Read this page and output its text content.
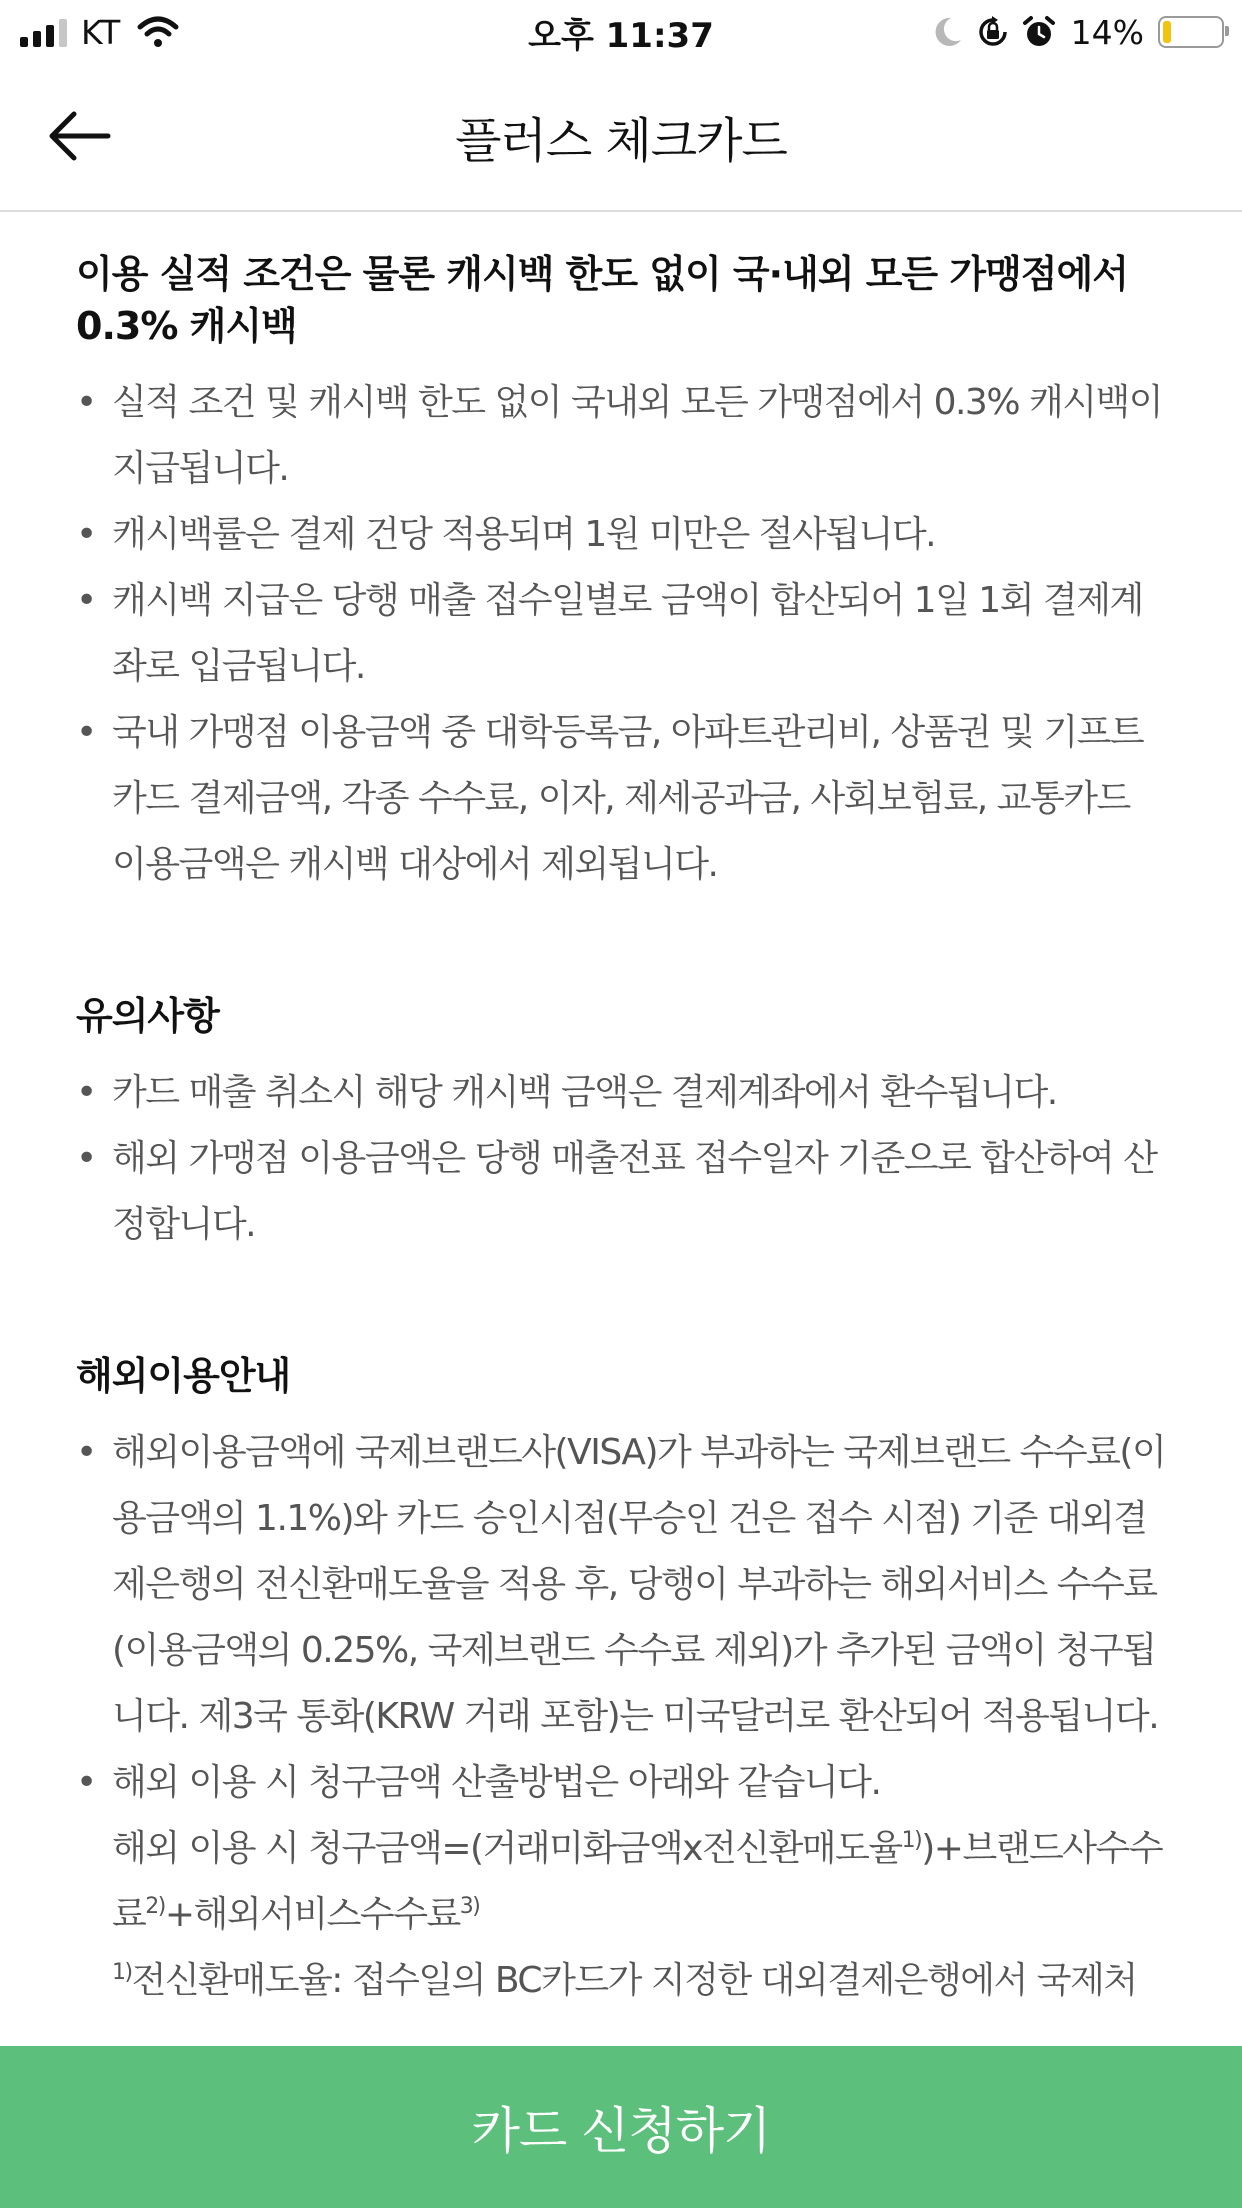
KT	오후 11:37	14%
플러스 체크카드
이용 실적 조건은 물론 캐시백 한도 없이 국·내외 모든 가맹점에서 0.3% 캐시백
• 실적 조건 및 캐시백 한도 없이 국내외 모든 가맹점에서 0.3% 캐시백이 지급됩니다.
• 캐시백률은 결제 건당 적용되며 1원 미만은 절사됩니다.
• 캐시백 지급은 당행 매출 접수일별로 금액이 합산되어 1일 1회 결제계좌로 입금됩니다.
• 국내 가맹점 이용금액 중 대학등록금, 아파트관리비, 상품권 및 기프트카드 결제금액, 각종 수수료, 이자, 제세공과금, 사회보험료, 교통카드 이용금액은 캐시백 대상에서 제외됩니다.
유의사항
• 카드 매출 취소시 해당 캐시백 금액은 결제계좌에서 환수됩니다.
• 해외 가맹점 이용금액은 당행 매출전표 접수일자 기준으로 합산하여 산정합니다.
해외이용안내
• 해외이용금액에 국제브랜드사(VISA)가 부과하는 국제브랜드 수수료(이용금액의 1.1%)와 카드 승인시점(무승인 건은 접수 시점) 기준 대외결제은행의 전신환매도율을 적용 후, 당행이 부과하는 해외서비스 수수료(이용금액의 0.25%, 국제브랜드 수수료 제외)가 추가된 금액이 청구됩니다. 제3국 통화(KRW 거래 포함)는 미국달러로 환산되어 적용됩니다.
• 해외 이용 시 청구금액 산출방법은 아래와 같습니다.
해외 이용 시 청구금액=(거래미화금액x전신환매도율$^{1)}$)+브랜드사수수료$^{2)}$+해외서비스수수료$^{3)}$
$^{1)}$전신환매도율: 접수일의 BC카드가 지정한 대외결제은행에서 국제처
카드 신청하기
